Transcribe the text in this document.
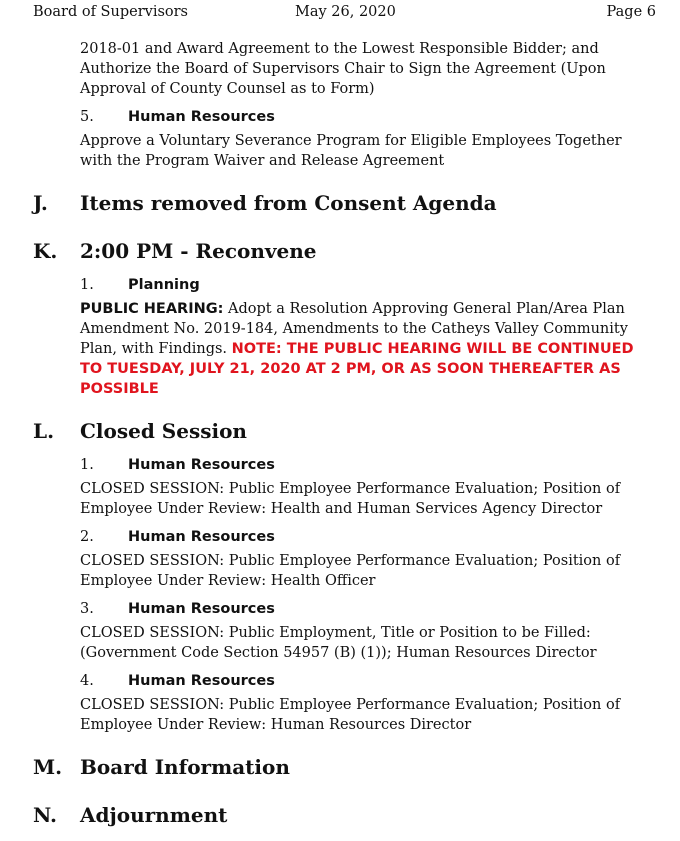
Board of Supervisors	May 26, 2020	Page 6

2018-01 and Award Agreement to the Lowest Responsible Bidder; and Authorize the Board of Supervisors Chair to Sign the Agreement (Upon Approval of County Counsel as to Form)

5. Human Resources

Approve a Voluntary Severance Program for Eligible Employees Together with the Program Waiver and Release Agreement

J. Items removed from Consent Agenda
K. 2:00 PM - Reconvene
1. Planning

PUBLIC HEARING: Adopt a Resolution Approving General Plan/Area Plan Amendment No. 2019-184, Amendments to the Catheys Valley Community Plan, with Findings. NOTE: THE PUBLIC HEARING WILL BE CONTINUED TO TUESDAY, JULY 21, 2020 AT 2 PM, OR AS SOON THEREAFTER AS POSSIBLE

L. Closed Session
1. Human Resources

CLOSED SESSION: Public Employee Performance Evaluation; Position of Employee Under Review: Health and Human Services Agency Director

2. Human Resources

CLOSED SESSION: Public Employee Performance Evaluation; Position of Employee Under Review: Health Officer

3. Human Resources

CLOSED SESSION: Public Employment, Title or Position to be Filled: (Government Code Section 54957 (B) (1)); Human Resources Director

4. Human Resources

CLOSED SESSION: Public Employee Performance Evaluation; Position of Employee Under Review: Human Resources Director

M. Board Information
N. Adjournment
